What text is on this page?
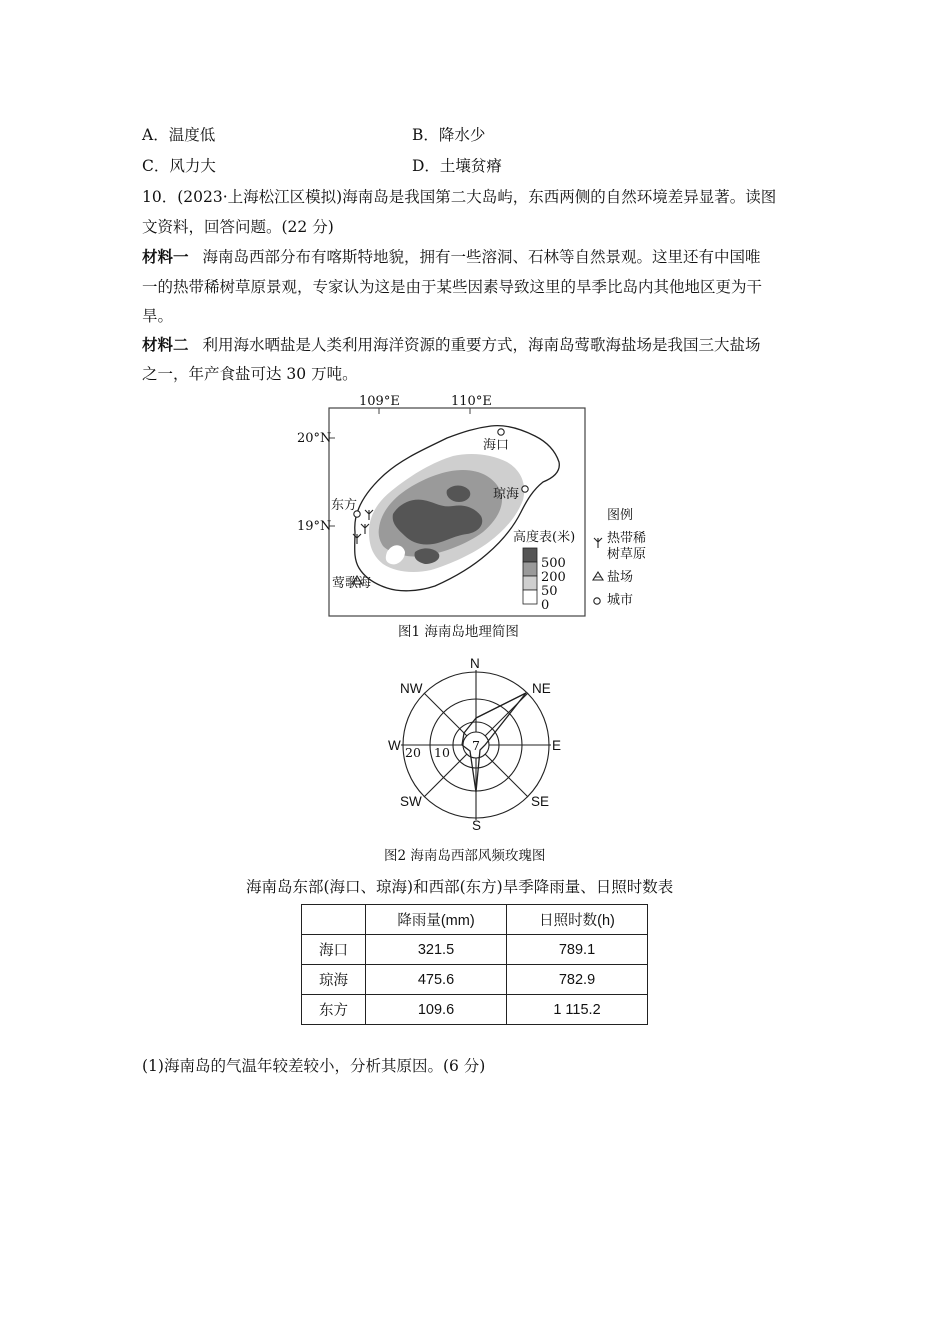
A．温度低	B．降水少
C．风力大	D．土壤贫瘠
10．(2023·上海松江区模拟)海南岛是我国第二大岛屿，东西两侧的自然环境差异显著。读图
文资料，回答问题。(22 分)
材料一 海南岛西部分布有喀斯特地貌，拥有一些溶洞、石林等自然景观。这里还有中国唯
一的热带稀树草原景观，专家认为这是由于某些因素导致这里的旱季比岛内其他地区更为干
旱。
材料二 利用海水晒盐是人类利用海洋资源的重要方式，海南岛莺歌海盐场是我国三大盐场
之一，年产食盐可达 30 万吨。
109°E	110°E
20°N
19°N
海口
琼海
东方
莺歌海
高度表(米)
500
200
50
0
图例
热带稀
树草原
盐场
城市
图1 海南岛地理简图
N
NE
E
SE
S
SW
W
NW
20 10 7
图2 海南岛西部风频玫瑰图
海南岛东部(海口、琼海)和西部(东方)旱季降雨量、日照时数表
	降雨量(mm)	日照时数(h)
海口	321.5	789.1
琼海	475.6	782.9
东方	109.6	1 115.2
(1)海南岛的气温年较差较小，分析其原因。(6 分)
